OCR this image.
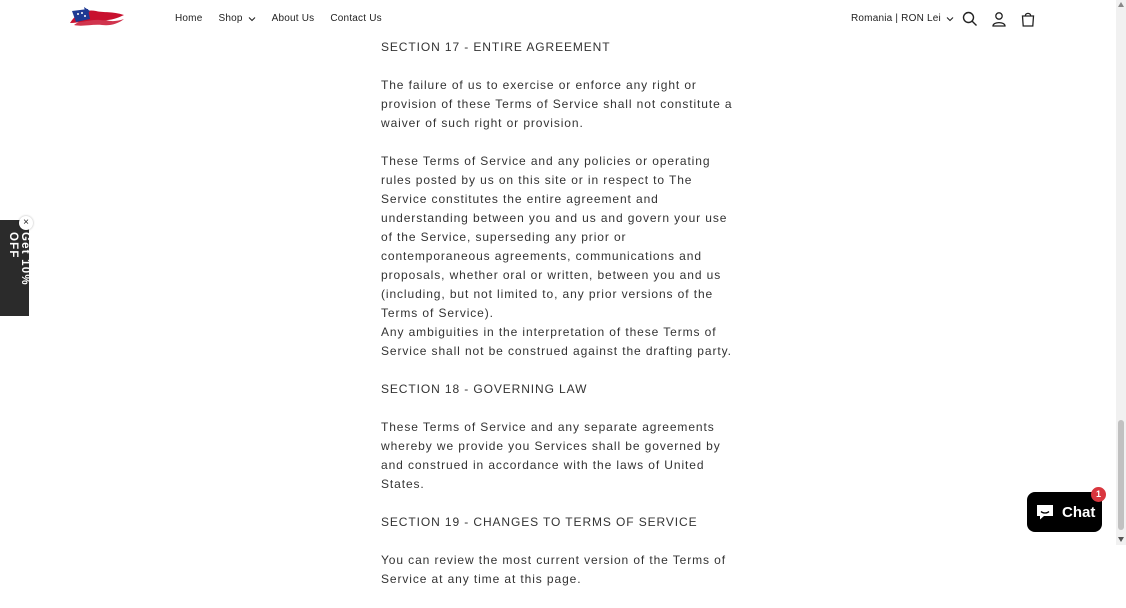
Home Shop	About Us Contact Us	Romania | RON Lei

SECTION 17 - ENTIRE AGREEMENT

The failure of us to exercise or enforce any right or provision of these Terms of Service shall not constitute a waiver of such right or provision.

These Terms of Service and any policies or operating rules posted by us on this site or in respect to The Service constitutes the entire agreement and understanding between you and us and govern your use of the Service, superseding any prior or contemporaneous agreements, communications and proposals, whether oral or written, between you and us (including, but not limited to, any prior versions of the Terms of Service).

Any ambiguities in the interpretation of these Terms of Service shall not be construed against the drafting party.

SECTION 18 - GOVERNING LAW

These Terms of Service and any separate agreements whereby we provide you Services shall be governed by and construed in accordance with the laws of United States.

SECTION 19 - CHANGES TO TERMS OF SERVICE

You can review the most current version of the Terms of Service at any time at this page.

Get 10% OFF
×
Chat
1
